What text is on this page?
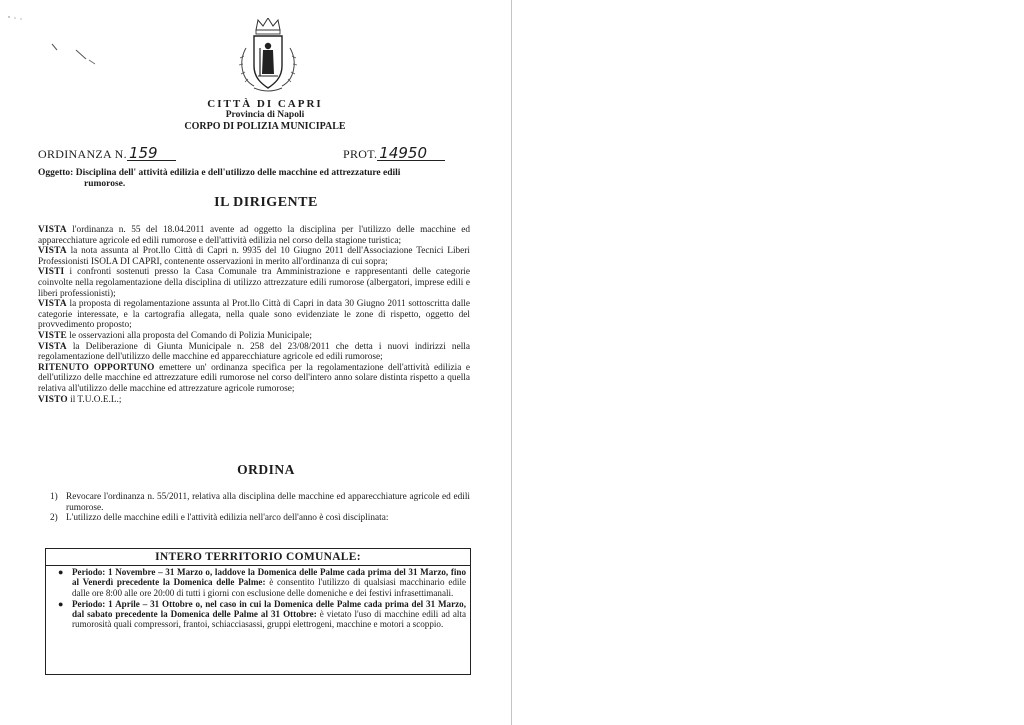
CITTÀ DI CAPRI
Provincia di Napoli
CORPO DI POLIZIA MUNICIPALE
ORDINANZA N. 159	PROT. 14950
Oggetto: Disciplina dell' attività edilizia e dell'utilizzo delle macchine ed attrezzature edili
rumorose.
IL DIRIGENTE

VISTA l'ordinanza n. 55 del 18.04.2011 avente ad oggetto la disciplina per l'utilizzo delle macchine ed apparecchiature agricole ed edili rumorose e dell'attività edilizia nel corso della stagione turistica;

VISTA la nota assunta al Prot.llo Città di Capri n. 9935 del 10 Giugno 2011 dell'Associazione Tecnici Liberi Professionisti ISOLA DI CAPRI, contenente osservazioni in merito all'ordinanza di cui sopra;

VISTI i confronti sostenuti presso la Casa Comunale tra Amministrazione e rappresentanti delle categorie coinvolte nella regolamentazione della disciplina di utilizzo attrezzature edili rumorose (albergatori, imprese edili e liberi professionisti);

VISTA la proposta di regolamentazione assunta al Prot.llo Città di Capri in data 30 Giugno 2011 sottoscritta dalle categorie interessate, e la cartografia allegata, nella quale sono evidenziate le zone di rispetto, oggetto del provvedimento proposto;

VISTE le osservazioni alla proposta del Comando di Polizia Municipale;

VISTA la Deliberazione di Giunta Municipale n. 258 del 23/08/2011 che detta i nuovi indirizzi nella regolamentazione dell'utilizzo delle macchine ed apparecchiature agricole ed edili rumorose;

RITENUTO OPPORTUNO emettere un' ordinanza specifica per la regolamentazione dell'attività edilizia e dell'utilizzo delle macchine ed attrezzature edili rumorose nel corso dell'intero anno solare distinta rispetto a quella relativa all'utilizzo delle macchine ed attrezzature agricole rumorose;

VISTO il T.U.O.E.L.;

ORDINA
1) Revocare l'ordinanza n. 55/2011, relativa alla disciplina delle macchine ed apparecchiature agricole ed edili rumorose.
2) L'utilizzo delle macchine edili e l'attività edilizia nell'arco dell'anno è così disciplinata:
INTERO TERRITORIO COMUNALE:
● Periodo: 1 Novembre – 31 Marzo o, laddove la Domenica delle Palme cada prima del 31 Marzo, fino al Venerdì precedente la Domenica delle Palme: è consentito l'utilizzo di qualsiasi macchinario edile dalle ore 8:00 alle ore 20:00 di tutti i giorni con esclusione delle domeniche e dei festivi infrasettimanali.
● Periodo: 1 Aprile – 31 Ottobre o, nel caso in cui la Domenica delle Palme cada prima del 31 Marzo, dal sabato precedente la Domenica delle Palme al 31 Ottobre: è vietato l'uso di macchine edili ad alta rumorosità quali compressori, frantoi, schiacciasassi, gruppi elettrogeni, macchine e motori a scoppio.
